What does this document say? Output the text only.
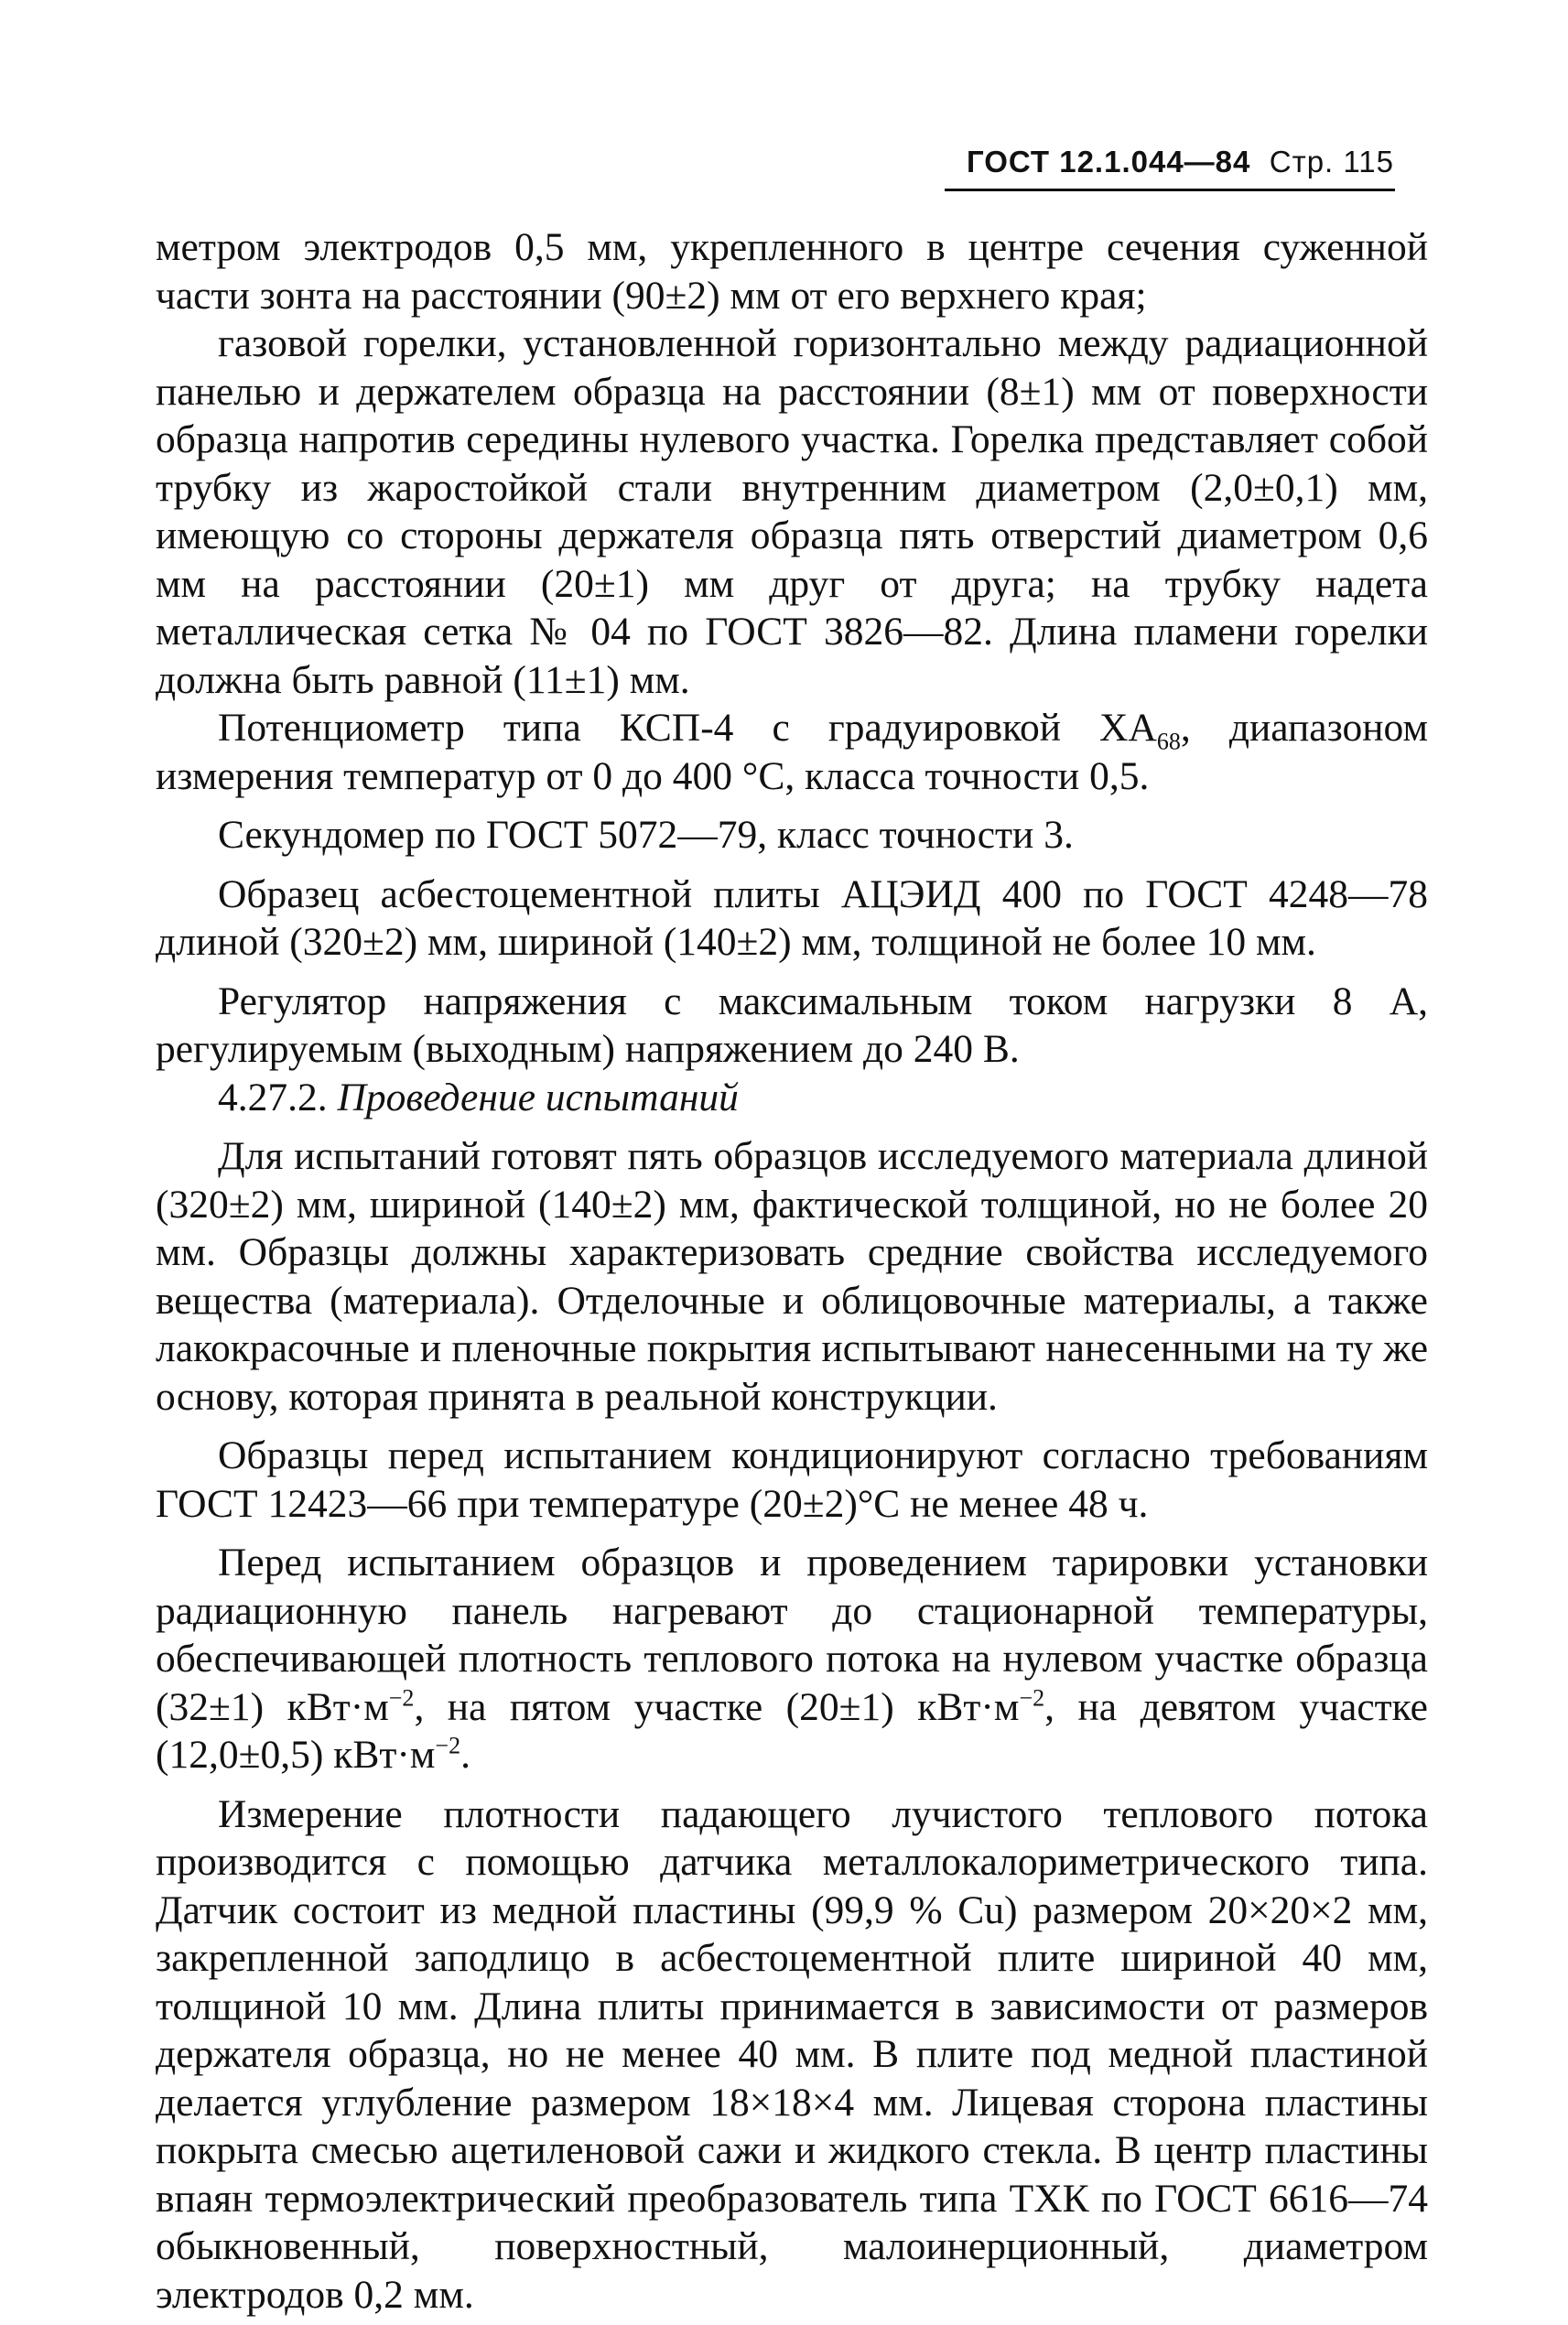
ГОСТ 12.1.044—84 Стр. 115

метром электродов 0,5 мм, укрепленного в центре сечения суженной части зонта на расстоянии (90±2) мм от его верхнего края;

газовой горелки, установленной горизонтально между радиационной панелью и держателем образца на расстоянии (8±1) мм от поверхности образца напротив середины нулевого участка. Горелка представляет собой трубку из жаростойкой стали внутренним диаметром (2,0±0,1) мм, имеющую со стороны держателя образца пять отверстий диаметром 0,6 мм на расстоянии (20±1) мм друг от друга; на трубку надета металлическая сетка № 04 по ГОСТ 3826—82. Длина пламени горелки должна быть равной (11±1) мм.

Потенциометр типа КСП-4 с градуировкой $ХА_{68}$, диапазоном измерения температур от 0 до 400 °С, класса точности 0,5.

Секундомер по ГОСТ 5072—79, класс точности 3.

Образец асбестоцементной плиты АЦЭИД 400 по ГОСТ 4248—78 длиной (320±2) мм, шириной (140±2) мм, толщиной не более 10 мм.

Регулятор напряжения с максимальным током нагрузки 8 А, регулируемым (выходным) напряжением до 240 В.

4.27.2. Проведение испытаний

Для испытаний готовят пять образцов исследуемого материала длиной (320±2) мм, шириной (140±2) мм, фактической толщиной, но не более 20 мм. Образцы должны характеризовать средние свойства исследуемого вещества (материала). Отделочные и облицовочные материалы, а также лакокрасочные и пленочные покрытия испытывают нанесенными на ту же основу, которая принята в реальной конструкции.

Образцы перед испытанием кондиционируют согласно требованиям ГОСТ 12423—66 при температуре (20±2)°С не менее 48 ч.

Перед испытанием образцов и проведением тарировки установки радиационную панель нагревают до стационарной температуры, обеспечивающей плотность теплового потока на нулевом участке образца (32±1) $кВт\cdot м^{-2}$, на пятом участке (20±1) $кВт\cdot м^{-2}$, на девятом участке (12,0±0,5) $кВт\cdot м^{-2}$.

Измерение плотности падающего лучистого теплового потока производится с помощью датчика металлокалориметрического типа. Датчик состоит из медной пластины (99,9 % Cu) размером 20×20×2 мм, закрепленной заподлицо в асбестоцементной плите шириной 40 мм, толщиной 10 мм. Длина плиты принимается в зависимости от размеров держателя образца, но не менее 40 мм. В плите под медной пластиной делается углубление размером 18×18×4 мм. Лицевая сторона пластины покрыта смесью ацетиленовой сажи и жидкого стекла. В центр пластины впаян термоэлектрический преобразователь типа ТХК по ГОСТ 6616—74 обыкновенный, поверхностный, малоинерционный, диаметром электродов 0,2 мм.
